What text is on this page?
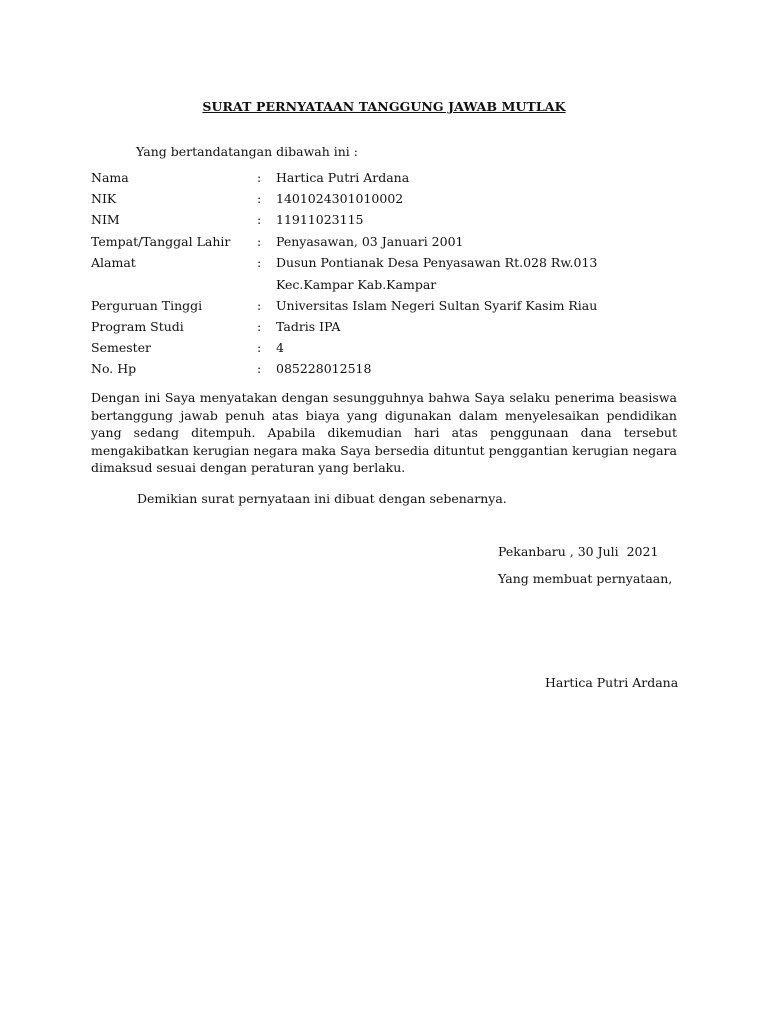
SURAT PERNYATAAN TANGGUNG JAWAB MUTLAK
Yang bertandatangan dibawah ini :
Nama	: Hartica Putri Ardana
NIK	: 1401024301010002
NIM	: 11911023115
Tempat/Tanggal Lahir : Penyasawan, 03 Januari 2001
Alamat	: Dusun Pontianak Desa Penyasawan Rt.028 Rw.013
Kec.Kampar Kab.Kampar
Perguruan Tinggi	: Universitas Islam Negeri Sultan Syarif Kasim Riau
Program Studi	: Tadris IPA
Semester	: 4
No. Hp	: 085228012518

Dengan ini Saya menyatakan dengan sesungguhnya bahwa Saya selaku penerima beasiswa bertanggung jawab penuh atas biaya yang digunakan dalam menyelesaikan pendidikan yang sedang ditempuh. Apabila dikemudian hari atas penggunaan dana tersebut mengakibatkan kerugian negara maka Saya bersedia dituntut penggantian kerugian negara dimaksud sesuai dengan peraturan yang berlaku.

Demikian surat pernyataan ini dibuat dengan sebenarnya.
Pekanbaru , 30 Juli  2021
Yang membuat pernyataan,
Hartica Putri Ardana
